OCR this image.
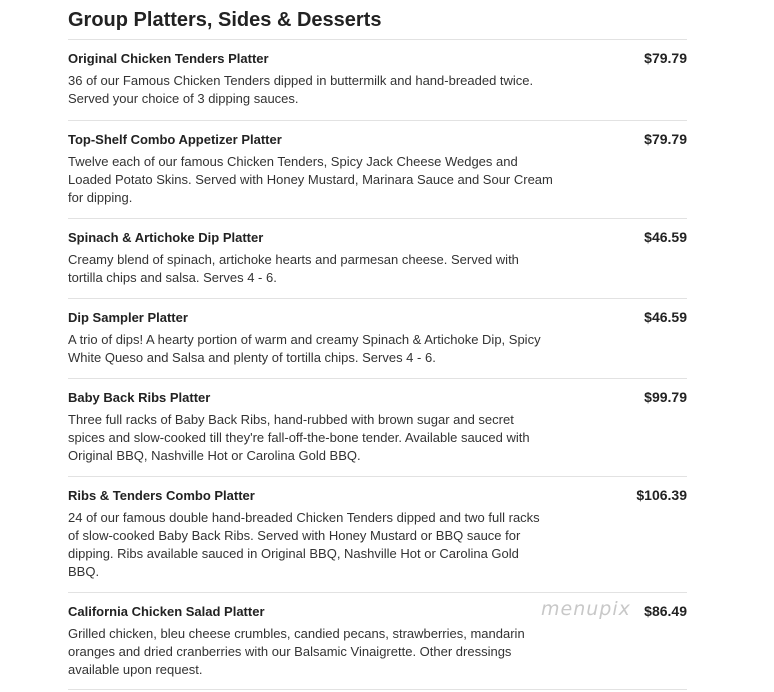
Group Platters, Sides & Desserts
Original Chicken Tenders Platter	$79.79
36 of our Famous Chicken Tenders dipped in buttermilk and hand-breaded twice. Served your choice of 3 dipping sauces.
Top-Shelf Combo Appetizer Platter	$79.79
Twelve each of our famous Chicken Tenders, Spicy Jack Cheese Wedges and Loaded Potato Skins. Served with Honey Mustard, Marinara Sauce and Sour Cream for dipping.
Spinach & Artichoke Dip Platter	$46.59
Creamy blend of spinach, artichoke hearts and parmesan cheese. Served with tortilla chips and salsa. Serves 4 - 6.
Dip Sampler Platter	$46.59
A trio of dips! A hearty portion of warm and creamy Spinach & Artichoke Dip, Spicy White Queso and Salsa and plenty of tortilla chips. Serves 4 - 6.
Baby Back Ribs Platter	$99.79
Three full racks of Baby Back Ribs, hand-rubbed with brown sugar and secret spices and slow-cooked till they're fall-off-the-bone tender. Available sauced with Original BBQ, Nashville Hot or Carolina Gold BBQ.
Ribs & Tenders Combo Platter	$106.39
24 of our famous double hand-breaded Chicken Tenders dipped and two full racks of slow-cooked Baby Back Ribs. Served with Honey Mustard or BBQ sauce for dipping. Ribs available sauced in Original BBQ, Nashville Hot or Carolina Gold BBQ.
California Chicken Salad Platter	$86.49
Grilled chicken, bleu cheese crumbles, candied pecans, strawberries, mandarin oranges and dried cranberries with our Balsamic Vinaigrette. Other dressings available upon request.
menupix
